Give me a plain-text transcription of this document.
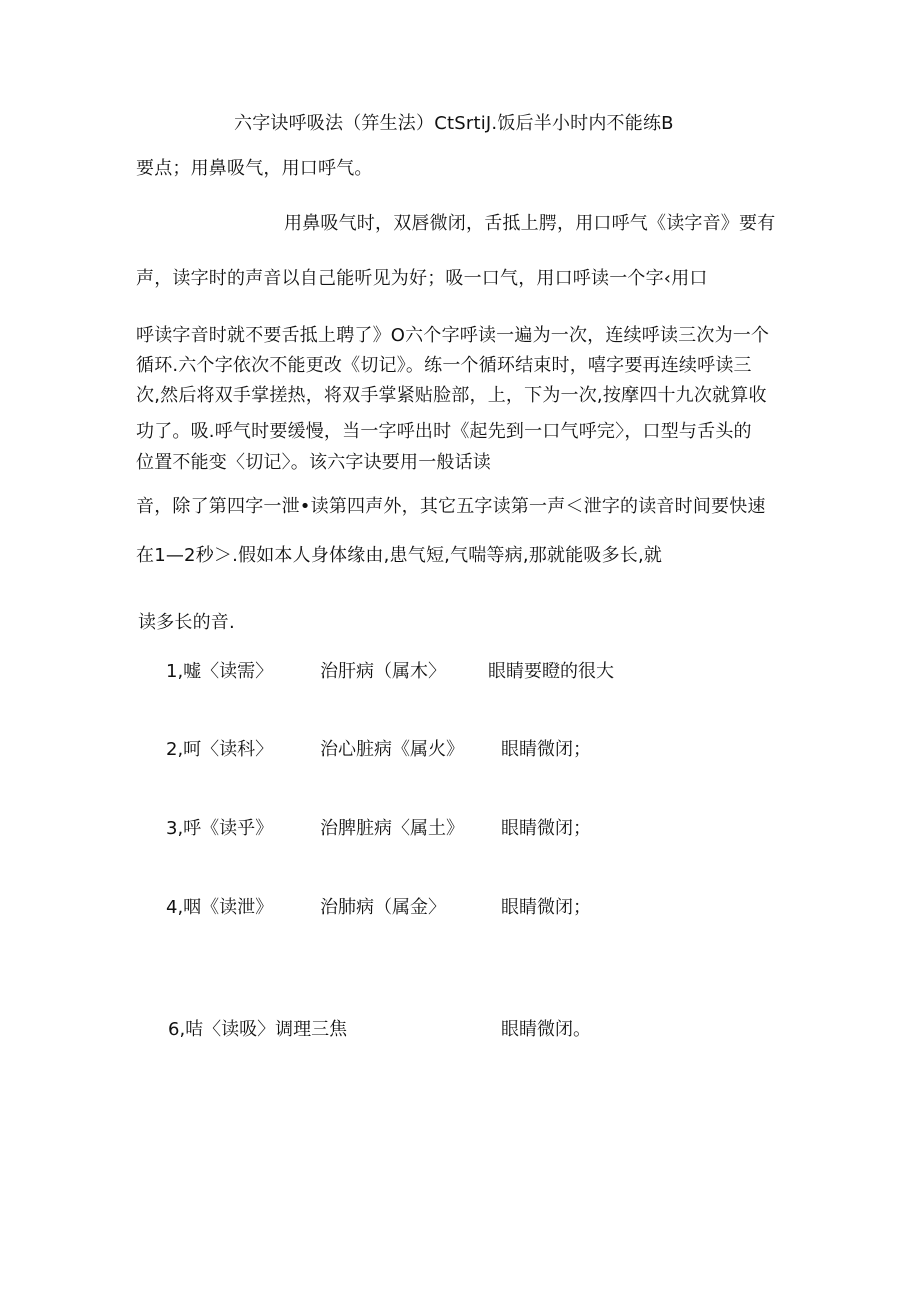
六字诀呼吸法（笄生法）CtSrtiJ.饭后半小时内不能练B
要点；用鼻吸气，用口呼气。
用鼻吸气时，双唇微闭，舌抵上腭，用口呼气《读字音》要有
声，读字时的声音以自己能听见为好；吸一口气，用口呼读一个字‹用口
呼读字音时就不要舌抵上聘了》O六个字呼读一遍为一次，连续呼读三次为一个
循环.六个字依次不能更改《切记》。练一个循环结束时，嘻字要再连续呼读三
次,然后将双手掌搓热，将双手掌紧贴脸部，上，下为一次,按摩四十九次就算收
功了。吸.呼气时要缓慢，当一字呼出时《起先到一口气呼完〉，口型与舌头的
位置不能变〈切记〉。该六字诀要用一般话读
音，除了第四字一泄•读第四声外，其它五字读第一声＜泄字的读音时间要快速
在1—2秒＞.假如本人身体缘由,患气短,气喘等病,那就能吸多长,就
读多长的音.
1,嘘〈读需〉	治肝病（属木〉 眼睛要瞪的很大
2,呵〈读科〉	治心脏病《属火》 眼睛微闭；
3,呼《读乎》	治脾脏病〈属土》 眼睛微闭；
4,咽《读泄》	治肺病（属金〉	眼睛微闭；
6,咭〈读吸〉调理三焦	眼睛微闭。
